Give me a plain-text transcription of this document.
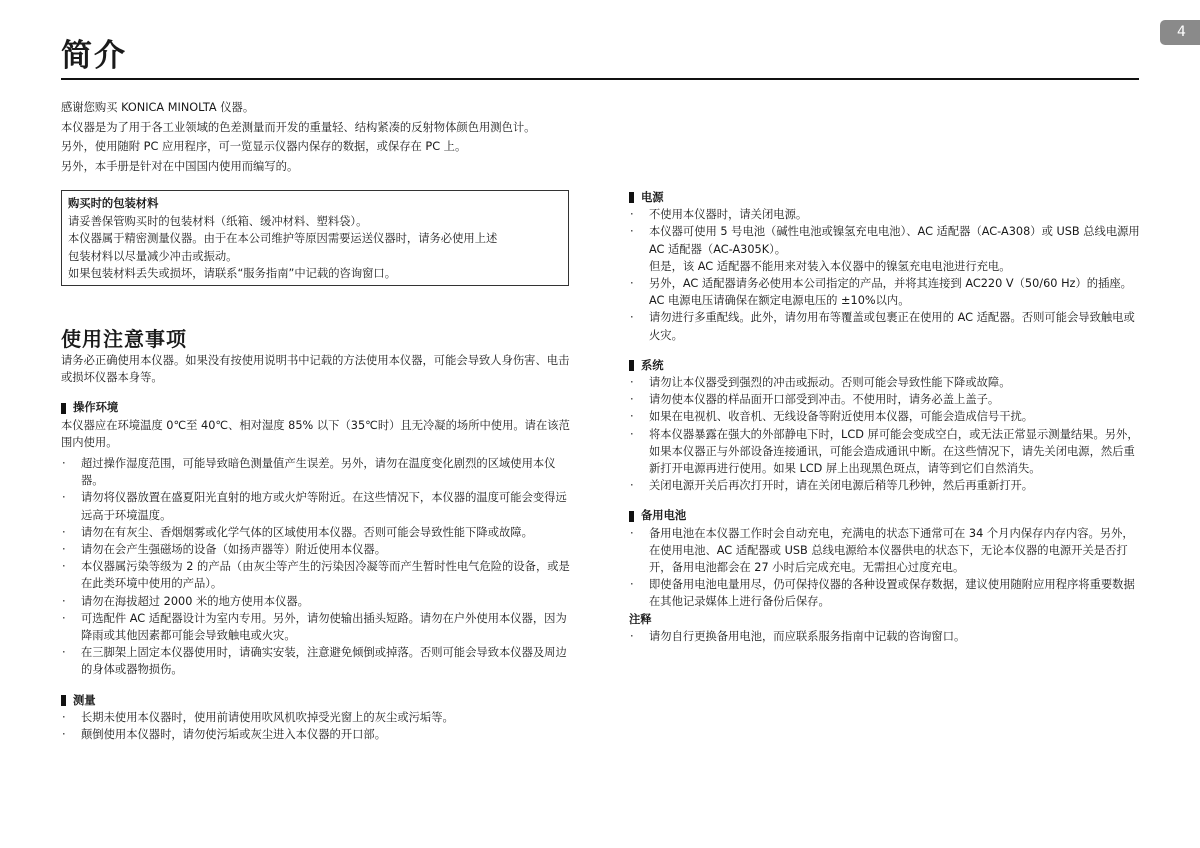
4
简介
感谢您购买 KONICA MINOLTA 仪器。
本仪器是为了用于各工业领域的色差测量而开发的重量轻、结构紧凑的反射物体颜色用测色计。
另外，使用随附 PC 应用程序，可一览显示仪器内保存的数据，或保存在 PC 上。
另外，本手册是针对在中国国内使用而编写的。
购买时的包装材料
请妥善保管购买时的包装材料（纸箱、缓冲材料、塑料袋）。
本仪器属于精密测量仪器。由于在本公司维护等原因需要运送仪器时，请务必使用上述
包装材料以尽量减少冲击或振动。
如果包装材料丢失或损坏，请联系“服务指南”中记载的咨询窗口。
使用注意事项

请务必正确使用本仪器。如果没有按使用说明书中记载的方法使用本仪器，可能会导致人身伤害、电击或损坏仪器本身等。

操作环境
本仪器应在环境温度 0℃至 40℃、相对湿度 85% 以下（35℃时）且无冷凝的场所中使用。请在该范围内使用。
· 超过操作湿度范围，可能导致暗色测量值产生误差。另外，请勿在温度变化剧烈的区域使用本仪器。
· 请勿将仪器放置在盛夏阳光直射的地方或火炉等附近。在这些情况下，本仪器的温度可能会变得远远高于环境温度。
· 请勿在有灰尘、香烟烟雾或化学气体的区域使用本仪器。否则可能会导致性能下降或故障。
· 请勿在会产生强磁场的设备（如扬声器等）附近使用本仪器。
· 本仪器属污染等级为 2 的产品（由灰尘等产生的污染因冷凝等而产生暂时性电气危险的设备，或是在此类环境中使用的产品）。
· 请勿在海拔超过 2000 米的地方使用本仪器。
· 可选配件 AC 适配器设计为室内专用。另外，请勿使输出插头短路。请勿在户外使用本仪器，因为降雨或其他因素都可能会导致触电或火灾。
· 在三脚架上固定本仪器使用时，请确实安装，注意避免倾倒或掉落。否则可能会导致本仪器及周边的身体或器物损伤。
测量
· 长期未使用本仪器时，使用前请使用吹风机吹掉受光窗上的灰尘或污垢等。
· 颠倒使用本仪器时，请勿使污垢或灰尘进入本仪器的开口部。
电源
· 不使用本仪器时，请关闭电源。
· 本仪器可使用 5 号电池（碱性电池或镍氢充电电池）、AC 适配器（AC-A308）或 USB 总线电源用 AC 适配器（AC-A305K）。
但是，该 AC 适配器不能用来对装入本仪器中的镍氢充电电池进行充电。
· 另外，AC 适配器请务必使用本公司指定的产品，并将其连接到 AC220 V（50/60 Hz）的插座。AC 电源电压请确保在额定电源电压的 ±10%以内。
· 请勿进行多重配线。此外，请勿用布等覆盖或包裹正在使用的 AC 适配器。否则可能会导致触电或火灾。
系统
· 请勿让本仪器受到强烈的冲击或振动。否则可能会导致性能下降或故障。
· 请勿使本仪器的样品面开口部受到冲击。不使用时，请务必盖上盖子。
· 如果在电视机、收音机、无线设备等附近使用本仪器，可能会造成信号干扰。
· 将本仪器暴露在强大的外部静电下时，LCD 屏可能会变成空白，或无法正常显示测量结果。另外，如果本仪器正与外部设备连接通讯，可能会造成通讯中断。在这些情况下，请先关闭电源，然后重新打开电源再进行使用。如果 LCD 屏上出现黑色斑点，请等到它们自然消失。
· 关闭电源开关后再次打开时，请在关闭电源后稍等几秒钟，然后再重新打开。
备用电池
· 备用电池在本仪器工作时会自动充电，充满电的状态下通常可在 34 个月内保存内存内容。另外，在使用电池、AC 适配器或 USB 总线电源给本仪器供电的状态下，无论本仪器的电源开关是否打开，备用电池都会在 27 小时后完成充电。无需担心过度充电。
· 即使备用电池电量用尽，仍可保持仪器的各种设置或保存数据，建议使用随附应用程序将重要数据在其他记录媒体上进行备份后保存。
注释
· 请勿自行更换备用电池，而应联系服务指南中记载的咨询窗口。
